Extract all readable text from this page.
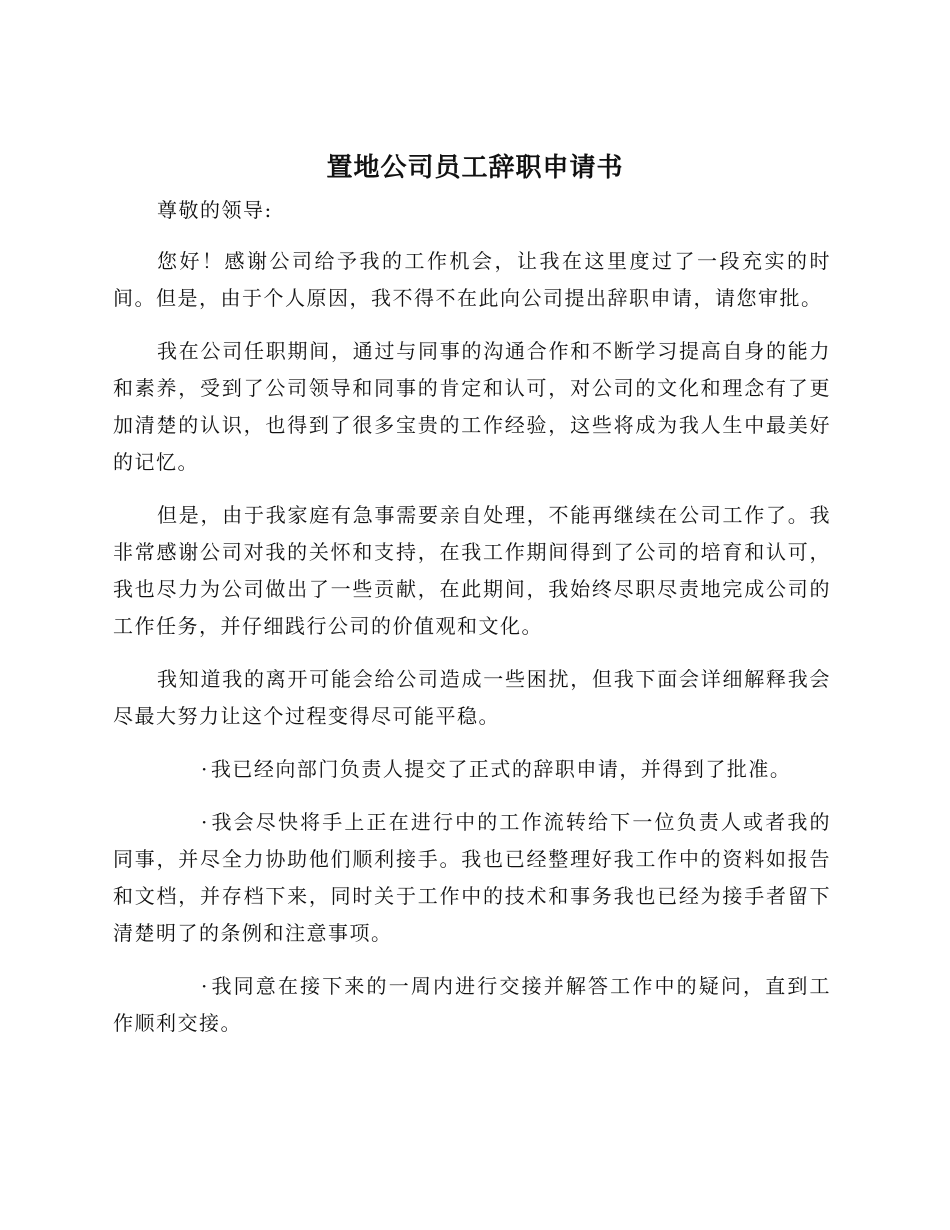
置地公司员工辞职申请书

尊敬的领导:

您好！感谢公司给予我的工作机会，让我在这里度过了一段充实的时间。但是，由于个人原因，我不得不在此向公司提出辞职申请，请您审批。

我在公司任职期间，通过与同事的沟通合作和不断学习提高自身的能力和素养，受到了公司领导和同事的肯定和认可，对公司的文化和理念有了更加清楚的认识，也得到了很多宝贵的工作经验，这些将成为我人生中最美好的记忆。

但是，由于我家庭有急事需要亲自处理，不能再继续在公司工作了。我非常感谢公司对我的关怀和支持，在我工作期间得到了公司的培育和认可，我也尽力为公司做出了一些贡献，在此期间，我始终尽职尽责地完成公司的工作任务，并仔细践行公司的价值观和文化。

我知道我的离开可能会给公司造成一些困扰，但我下面会详细解释我会尽最大努力让这个过程变得尽可能平稳。

· 我已经向部门负责人提交了正式的辞职申请，并得到了批准。

· 我会尽快将手上正在进行中的工作流转给下一位负责人或者我的同事，并尽全力协助他们顺利接手。我也已经整理好我工作中的资料如报告和文档，并存档下来，同时关于工作中的技术和事务我也已经为接手者留下清楚明了的条例和注意事项。

· 我同意在接下来的一周内进行交接并解答工作中的疑问，直到工作顺利交接。
